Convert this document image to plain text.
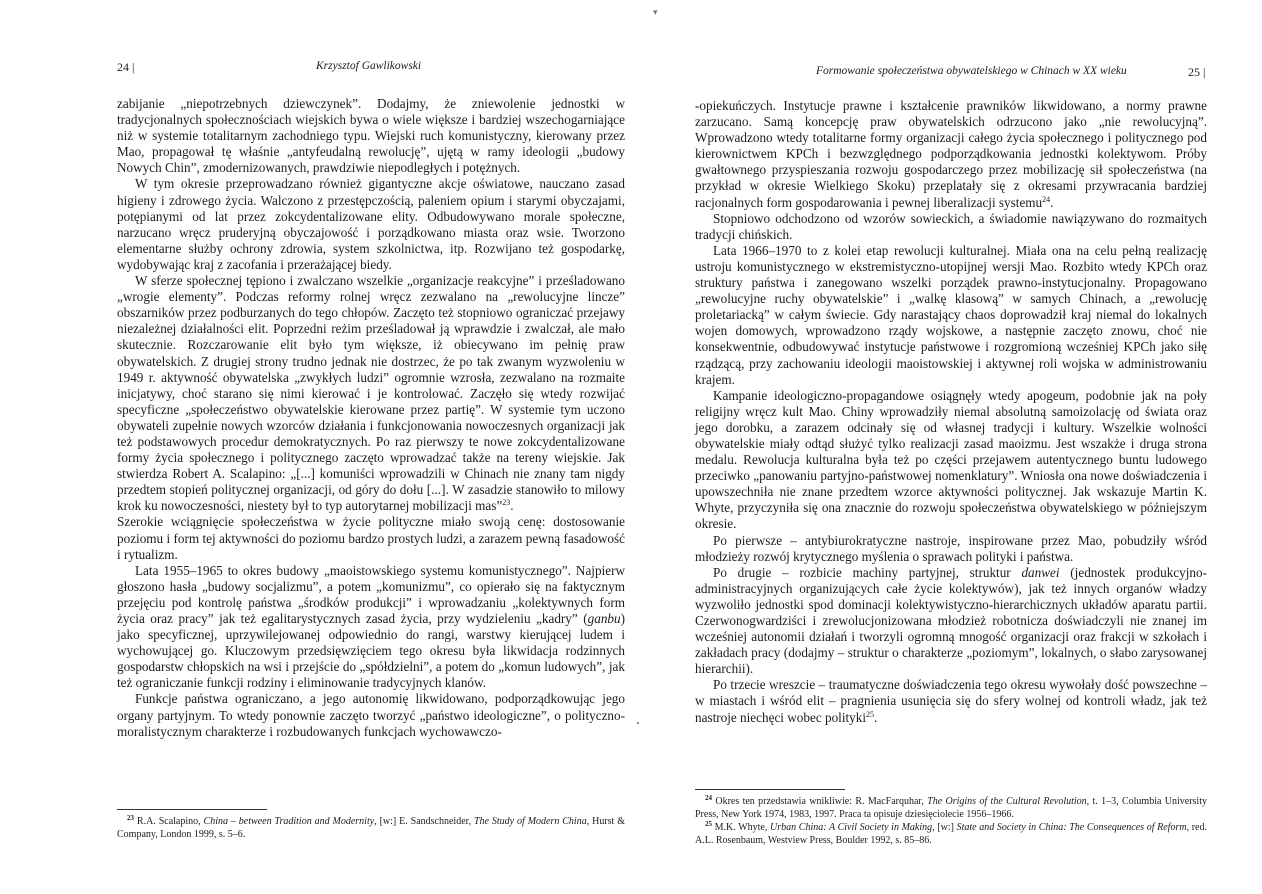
▾
24 |	Krzysztof Gawlikowski

zabijanie „niepotrzebnych dziewczynek”. Dodajmy, że zniewolenie jednostki w tradycjonalnych społecznościach wiejskich bywa o wiele większe i bardziej wszechogarniające niż w systemie totalitarnym zachodniego typu. Wiejski ruch komunistyczny, kierowany przez Mao, propagował tę właśnie „antyfeudalną rewolucję”, ujętą w ramy ideologii „budowy Nowych Chin”, zmodernizowanych, prawdziwie niepodległych i potężnych.

W tym okresie przeprowadzano również gigantyczne akcje oświatowe, nauczano zasad higieny i zdrowego życia. Walczono z przestępczością, paleniem opium i starymi obyczajami, potępianymi od lat przez zokcydentalizowane elity. Odbudowywano morale społeczne, narzucano wręcz pruderyjną obyczajowość i porządkowano miasta oraz wsie. Tworzono elementarne służby ochrony zdrowia, system szkolnictwa, itp. Rozwijano też gospodarkę, wydobywając kraj z zacofania i przerażającej biedy.

W sferze społecznej tępiono i zwalczano wszelkie „organizacje reakcyjne” i prześladowano „wrogie elementy”. Podczas reformy rolnej wręcz zezwalano na „rewolucyjne lincze” obszarników przez podburzanych do tego chłopów. Zaczęto też stopniowo ograniczać przejawy niezależnej działalności elit. Poprzedni reżim prześladował ją wprawdzie i zwalczał, ale mało skutecznie. Rozczarowanie elit było tym większe, iż obiecywano im pełnię praw obywatelskich. Z drugiej strony trudno jednak nie dostrzec, że po tak zwanym wyzwoleniu w 1949 r. aktywność obywatelska „zwykłych ludzi” ogromnie wzrosła, zezwalano na rozmaite inicjatywy, choć starano się nimi kierować i je kontrolować. Zaczęło się wtedy rozwijać specyficzne „społeczeństwo obywatelskie kierowane przez partię”. W systemie tym uczono obywateli zupełnie nowych wzorców działania i funkcjonowania nowoczesnych organizacji jak też podstawowych procedur demokratycznych. Po raz pierwszy te nowe zokcydentalizowane formy życia społecznego i politycznego zaczęto wprowadzać także na tereny wiejskie. Jak stwierdza Robert A. Scalapino: „[...] komuniści wprowadzili w Chinach nie znany tam nigdy przedtem stopień politycznej organizacji, od góry do dołu [...]. W zasadzie stanowiło to milowy krok ku nowoczesności, niestety był to typ autorytarnej mobilizacji mas”$^{23}$.

Szerokie wciągnięcie społeczeństwa w życie polityczne miało swoją cenę: dostosowanie poziomu i form tej aktywności do poziomu bardzo prostych ludzi, a zarazem pewną fasadowość i rytualizm.

Lata 1955–1965 to okres budowy „maoistowskiego systemu komunistycznego”. Najpierw głoszono hasła „budowy socjalizmu”, a potem „komunizmu”, co opierało się na faktycznym przejęciu pod kontrolę państwa „środków produkcji” i wprowadzaniu „kolektywnych form życia oraz pracy” jak też egalitarystycznych zasad życia, przy wydzieleniu „kadry” (ganbu) jako specyficznej, uprzywilejowanej odpowiednio do rangi, warstwy kierującej ludem i wychowującej go. Kluczowym przedsięwzięciem tego okresu była likwidacja rodzinnych gospodarstw chłopskich na wsi i przejście do „spółdzielni”, a potem do „komun ludowych”, jak też ograniczanie funkcji rodziny i eliminowanie tradycyjnych klanów.

Funkcje państwa ograniczano, a jego autonomię likwidowano, podporządkowując jego organy partyjnym. To wtedy ponownie zaczęto tworzyć „państwo ideologiczne”, o polityczno-moralistycznym charakterze i rozbudowanych funkcjach wychowawczo-

$^{23}$ R.A. Scalapino, China – between Tradition and Modernity, [w:] E. Sandschneider, The Study of Modern China, Hurst & Company, London 1999, s. 5–6.

Formowanie społeczeństwa obywatelskiego w Chinach w XX wieku	25 |

-opiekuńczych. Instytucje prawne i kształcenie prawników likwidowano, a normy prawne zarzucano. Samą koncepcję praw obywatelskich odrzucono jako „nie rewolucyjną”. Wprowadzono wtedy totalitarne formy organizacji całego życia społecznego i politycznego pod kierownictwem KPCh i bezwzględnego podporządkowania jednostki kolektywom. Próby gwałtownego przyspieszania rozwoju gospodarczego przez mobilizację sił społeczeństwa (na przykład w okresie Wielkiego Skoku) przeplatały się z okresami przywracania bardziej racjonalnych form gospodarowania i pewnej liberalizacji systemu$^{24}$.

Stopniowo odchodzono od wzorów sowieckich, a świadomie nawiązywano do rozmaitych tradycji chińskich.

Lata 1966–1970 to z kolei etap rewolucji kulturalnej. Miała ona na celu pełną realizację ustroju komunistycznego w ekstremistyczno-utopijnej wersji Mao. Rozbito wtedy KPCh oraz struktury państwa i zanegowano wszelki porządek prawno-instytucjonalny. Propagowano „rewolucyjne ruchy obywatelskie” i „walkę klasową” w samych Chinach, a „rewolucję proletariacką” w całym świecie. Gdy narastający chaos doprowadził kraj niemal do lokalnych wojen domowych, wprowadzono rządy wojskowe, a następnie zaczęto znowu, choć nie konsekwentnie, odbudowywać instytucje państwowe i rozgromioną wcześniej KPCh jako siłę rządzącą, przy zachowaniu ideologii maoistowskiej i aktywnej roli wojska w administrowaniu krajem.

Kampanie ideologiczno-propagandowe osiągnęły wtedy apogeum, podobnie jak na poły religijny wręcz kult Mao. Chiny wprowadziły niemal absolutną samoizolację od świata oraz jego dorobku, a zarazem odcinały się od własnej tradycji i kultury. Wszelkie wolności obywatelskie miały odtąd służyć tylko realizacji zasad maoizmu. Jest wszakże i druga strona medalu. Rewolucja kulturalna była też po części przejawem autentycznego buntu ludowego przeciwko „panowaniu partyjno-państwowej nomenklatury”. Wniosła ona nowe doświadczenia i upowszechniła nie znane przedtem wzorce aktywności politycznej. Jak wskazuje Martin K. Whyte, przyczyniła się ona znacznie do rozwoju społeczeństwa obywatelskiego w późniejszym okresie.

Po pierwsze – antybiurokratyczne nastroje, inspirowane przez Mao, pobudziły wśród młodzieży rozwój krytycznego myślenia o sprawach polityki i państwa.

Po drugie – rozbicie machiny partyjnej, struktur danwei (jednostek produkcyjno-administracyjnych organizujących całe życie kolektywów), jak też innych organów władzy wyzwoliło jednostki spod dominacji kolektywistyczno-hierarchicznych układów aparatu partii. Czerwonogwardziści i zrewolucjonizowana młodzież robotnicza doświadczyli nie znanej im wcześniej autonomii działań i tworzyli ogromną mnogość organizacji oraz frakcji w szkołach i zakładach pracy (dodajmy – struktur o charakterze „poziomym”, lokalnych, o słabo zarysowanej hierarchii).

Po trzecie wreszcie – traumatyczne doświadczenia tego okresu wywołały dość powszechne – w miastach i wśród elit – pragnienia usunięcia się do sfery wolnej od kontroli władz, jak też nastroje niechęci wobec polityki$^{25}$.

$^{24}$ Okres ten przedstawia wnikliwie: R. MacFarquhar, The Origins of the Cultural Revolution, t. 1–3, Columbia University Press, New York 1974, 1983, 1997. Praca ta opisuje dziesięciolecie 1956–1966.

$^{25}$ M.K. Whyte, Urban China: A Civil Society in Making, [w:] State and Society in China: The Consequences of Reform, red. A.L. Rosenbaum, Westview Press, Boulder 1992, s. 85–86.
